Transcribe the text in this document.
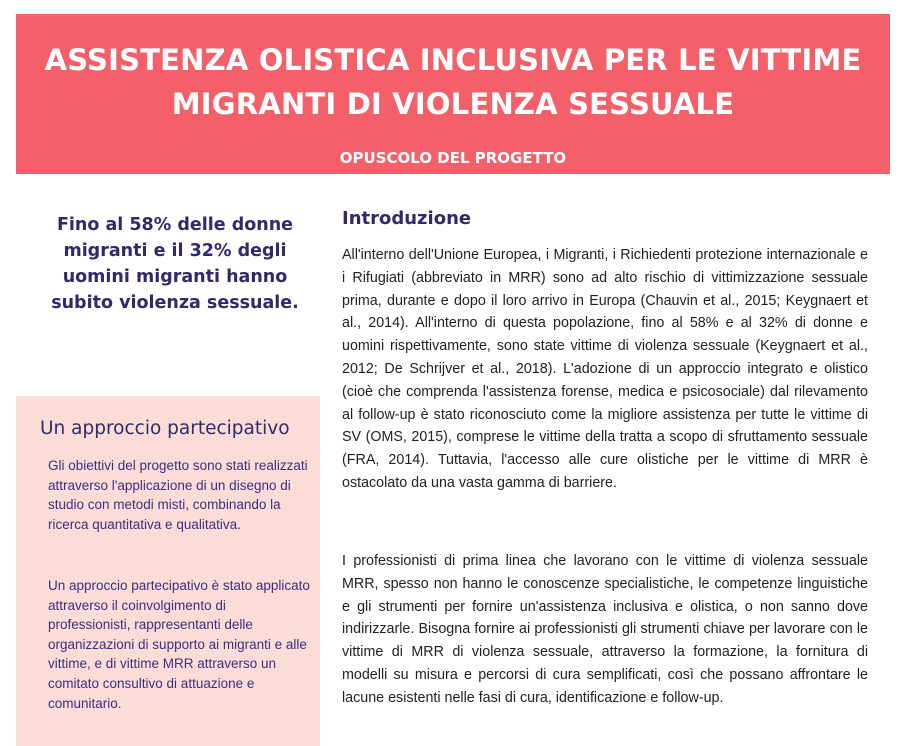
ASSISTENZA OLISTICA INCLUSIVA PER LE VITTIME MIGRANTI DI VIOLENZA SESSUALE

OPUSCOLO DEL PROGETTO

Fino al 58% delle donne migranti e il 32% degli uomini migranti hanno subito violenza sessuale.

Un approccio partecipativo

Gli obiettivi del progetto sono stati realizzati attraverso l'applicazione di un disegno di studio con metodi misti, combinando la ricerca quantitativa e qualitativa.

Un approccio partecipativo è stato applicato attraverso il coinvolgimento di professionisti, rappresentanti delle organizzazioni di supporto ai migranti e alle vittime, e di vittime MRR attraverso un comitato consultivo di attuazione e comunitario.

Introduzione

All'interno dell'Unione Europea, i Migranti, i Richiedenti protezione internazionale e i Rifugiati (abbreviato in MRR) sono ad alto rischio di vittimizzazione sessuale prima, durante e dopo il loro arrivo in Europa (Chauvin et al., 2015; Keygnaert et al., 2014). All'interno di questa popolazione, fino al 58% e al 32% di donne e uomini rispettivamente, sono state vittime di violenza sessuale (Keygnaert et al., 2012; De Schrijver et al., 2018). L'adozione di un approccio integrato e olistico (cioè che comprenda l'assistenza forense, medica e psicosociale) dal rilevamento al follow-up è stato riconosciuto come la migliore assistenza per tutte le vittime di SV (OMS, 2015), comprese le vittime della tratta a scopo di sfruttamento sessuale (FRA, 2014). Tuttavia, l'accesso alle cure olistiche per le vittime di MRR è ostacolato da una vasta gamma di barriere.

I professionisti di prima linea che lavorano con le vittime di violenza sessuale MRR, spesso non hanno le conoscenze specialistiche, le competenze linguistiche e gli strumenti per fornire un'assistenza inclusiva e olistica, o non sanno dove indirizzarle. Bisogna fornire ai professionisti gli strumenti chiave per lavorare con le vittime di MRR di violenza sessuale, attraverso la formazione, la fornitura di modelli su misura e percorsi di cura semplificati, così che possano affrontare le lacune esistenti nelle fasi di cura, identificazione e follow-up.
